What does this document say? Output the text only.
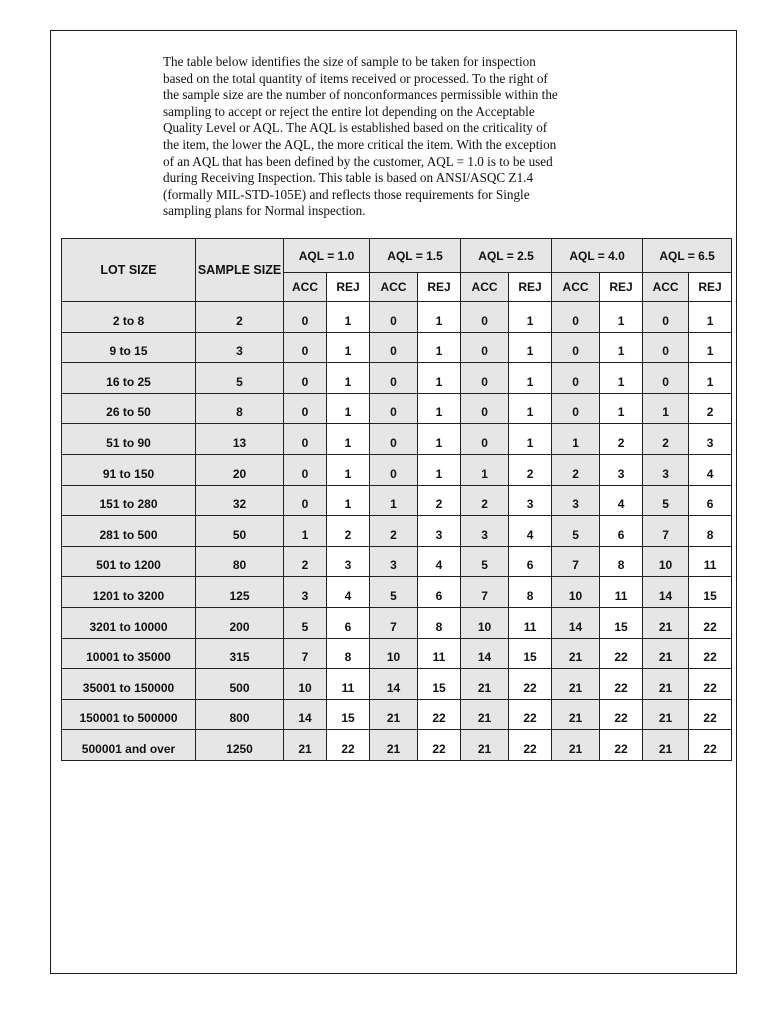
The table below identifies the size of sample to be taken for inspection
based on the total quantity of items received or processed. To the right of
the sample size are the number of nonconformances permissible within the
sampling to accept or reject the entire lot depending on the Acceptable
Quality Level or AQL. The AQL is established based on the criticality of
the item, the lower the AQL, the more critical the item. With the exception
of an AQL that has been defined by the customer, AQL = 1.0 is to be used
during Receiving Inspection. This table is based on ANSI/ASQC Z1.4
(formally MIL-STD-105E) and reflects those requirements for Single
sampling plans for Normal inspection.

LOT SIZE	SAMPLE SIZE	AQL = 1.0		AQL = 1.5		AQL = 2.5		AQL = 4.0		AQL = 6.5	
		ACC	REJ	ACC	REJ	ACC	REJ	ACC	REJ	ACC	REJ
2 to 8	2	0	1	0	1	0	1	0	1	0	1
9 to 15	3	0	1	0	1	0	1	0	1	0	1
16 to 25	5	0	1	0	1	0	1	0	1	0	1
26 to 50	8	0	1	0	1	0	1	0	1	1	2
51 to 90	13	0	1	0	1	0	1	1	2	2	3
91 to 150	20	0	1	0	1	1	2	2	3	3	4
151 to 280	32	0	1	1	2	2	3	3	4	5	6
281 to 500	50	1	2	2	3	3	4	5	6	7	8
501 to 1200	80	2	3	3	4	5	6	7	8	10	11
1201 to 3200	125	3	4	5	6	7	8	10	11	14	15
3201 to 10000	200	5	6	7	8	10	11	14	15	21	22
10001 to 35000	315	7	8	10	11	14	15	21	22	21	22
35001 to 150000	500	10	11	14	15	21	22	21	22	21	22
150001 to 500000	800	14	15	21	22	21	22	21	22	21	22
500001 and over	1250	21	22	21	22	21	22	21	22	21	22
